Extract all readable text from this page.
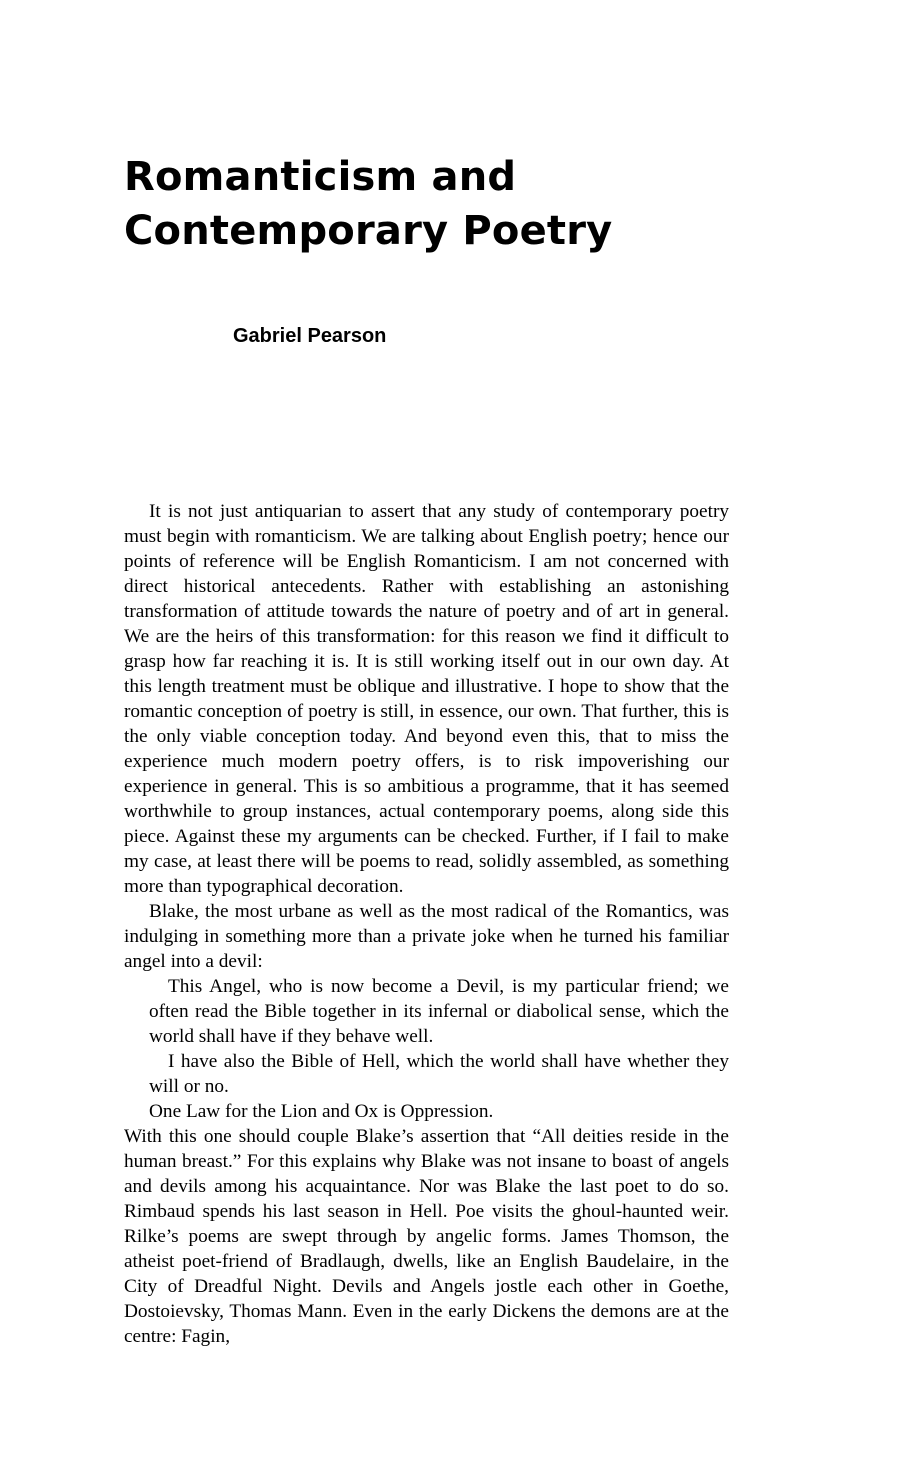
Romanticism and
Contemporary Poetry
Gabriel Pearson

It is not just antiquarian to assert that any study of contemporary poetry must begin with romanticism. We are talking about English poetry; hence our points of reference will be English Romanticism. I am not concerned with direct historical antecedents. Rather with establishing an astonishing transformation of attitude towards the nature of poetry and of art in general. We are the heirs of this transformation: for this reason we find it difficult to grasp how far reaching it is. It is still working itself out in our own day. At this length treatment must be oblique and illustrative. I hope to show that the romantic conception of poetry is still, in essence, our own. That further, this is the only viable conception today. And beyond even this, that to miss the experience much modern poetry offers, is to risk impoverishing our experience in general. This is so ambitious a programme, that it has seemed worthwhile to group instances, actual contemporary poems, along side this piece. Against these my arguments can be checked. Further, if I fail to make my case, at least there will be poems to read, solidly assembled, as something more than typographical decoration.

Blake, the most urbane as well as the most radical of the Romantics, was indulging in something more than a private joke when he turned his familiar angel into a devil:

This Angel, who is now become a Devil, is my particular friend; we often read the Bible together in its infernal or diabolical sense, which the world shall have if they behave well.

I have also the Bible of Hell, which the world shall have whether they will or no.

One Law for the Lion and Ox is Oppression.

With this one should couple Blake’s assertion that “All deities reside in the human breast.” For this explains why Blake was not insane to boast of angels and devils among his acquaintance. Nor was Blake the last poet to do so. Rimbaud spends his last season in Hell. Poe visits the ghoul-haunted weir. Rilke’s poems are swept through by angelic forms. James Thomson, the atheist poet-friend of Bradlaugh, dwells, like an English Baudelaire, in the City of Dreadful Night. Devils and Angels jostle each other in Goethe, Dostoievsky, Thomas Mann. Even in the early Dickens the demons are at the centre: Fagin,
